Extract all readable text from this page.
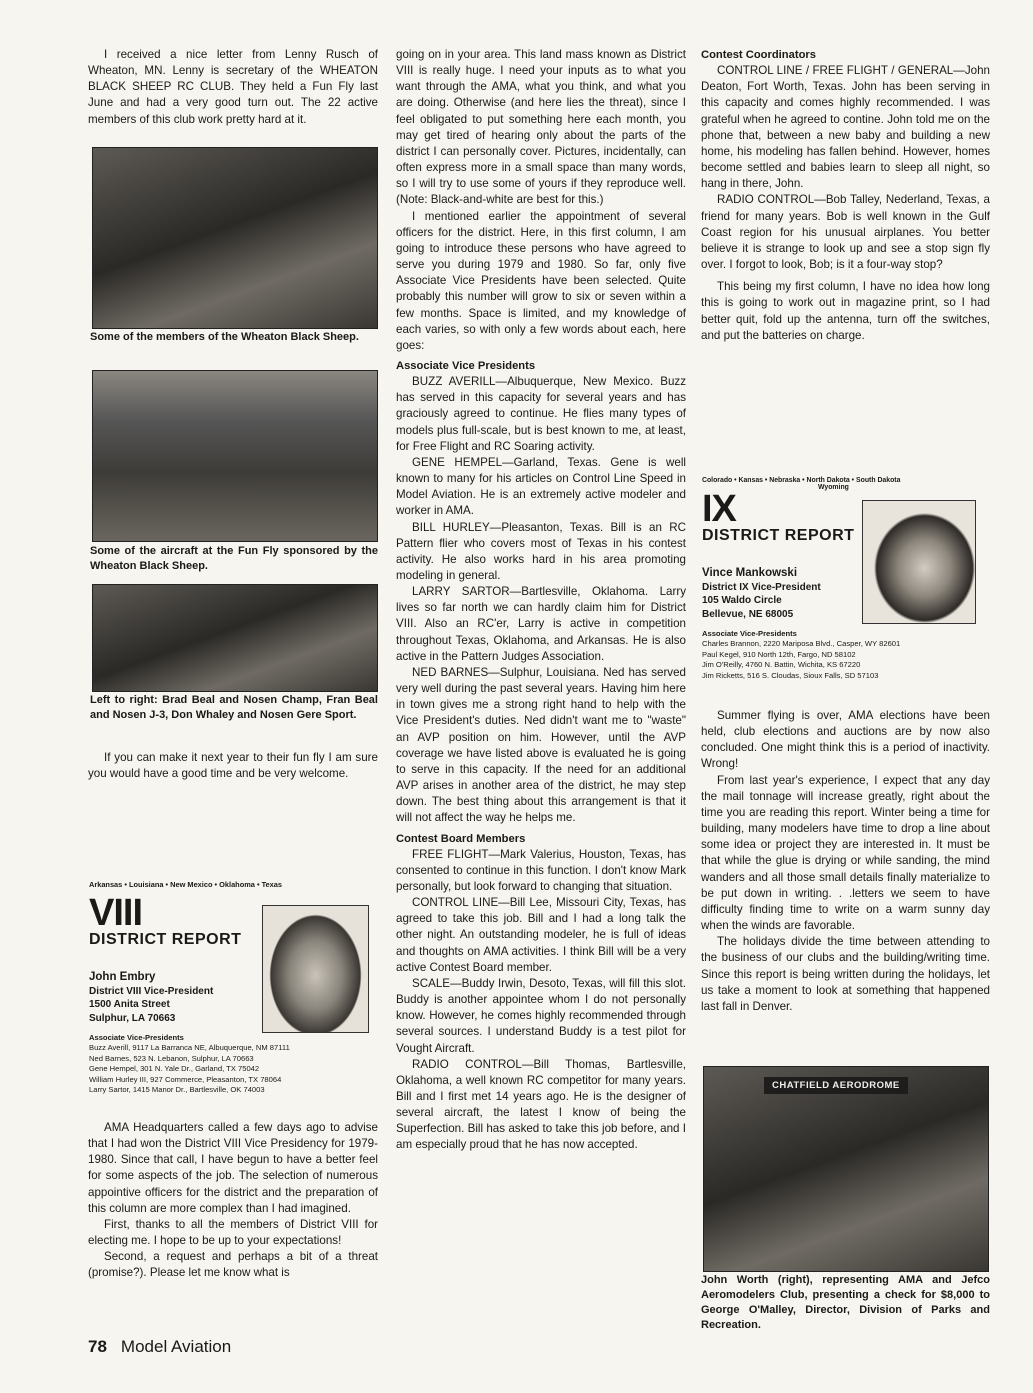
I received a nice letter from Lenny Rusch of Wheaton, MN. Lenny is secretary of the WHEATON BLACK SHEEP RC CLUB. They held a Fun Fly last June and had a very good turn out. The 22 active members of this club work pretty hard at it.

Some of the members of the Wheaton Black Sheep.
Some of the aircraft at the Fun Fly sponsored by the Wheaton Black Sheep.
Left to right: Brad Beal and Nosen Champ, Fran Beal and Nosen J-3, Don Whaley and Nosen Gere Sport.

If you can make it next year to their fun fly I am sure you would have a good time and be very welcome.

Arkansas • Louisiana • New Mexico • Oklahoma • Texas
VIII
DISTRICT REPORT
John Embry
District VIII Vice-President
1500 Anita Street
Sulphur, LA 70663
Associate Vice-Presidents
Buzz Averill, 9117 La Barranca NE, Albuquerque, NM 87111
Ned Barnes, 523 N. Lebanon, Sulphur, LA 70663
Gene Hempel, 301 N. Yale Dr., Garland, TX 75042
William Hurley III, 927 Commerce, Pleasanton, TX 78064
Larry Sartor, 1415 Manor Dr., Bartlesville, OK 74003

AMA Headquarters called a few days ago to advise that I had won the District VIII Vice Presidency for 1979-1980. Since that call, I have begun to have a better feel for some aspects of the job. The selection of numerous appointive officers for the district and the preparation of this column are more complex than I had imagined.

First, thanks to all the members of District VIII for electing me. I hope to be up to your expectations!

Second, a request and perhaps a bit of a threat (promise?). Please let me know what is

going on in your area. This land mass known as District VIII is really huge. I need your inputs as to what you want through the AMA, what you think, and what you are doing. Otherwise (and here lies the threat), since I feel obligated to put something here each month, you may get tired of hearing only about the parts of the district I can personally cover. Pictures, incidentally, can often express more in a small space than many words, so I will try to use some of yours if they reproduce well. (Note: Black-and-white are best for this.)

I mentioned earlier the appointment of several officers for the district. Here, in this first column, I am going to introduce these persons who have agreed to serve you during 1979 and 1980. So far, only five Associate Vice Presidents have been selected. Quite probably this number will grow to six or seven within a few months. Space is limited, and my knowledge of each varies, so with only a few words about each, here goes:

Associate Vice Presidents

BUZZ AVERILL—Albuquerque, New Mexico. Buzz has served in this capacity for several years and has graciously agreed to continue. He flies many types of models plus full-scale, but is best known to me, at least, for Free Flight and RC Soaring activity.

GENE HEMPEL—Garland, Texas. Gene is well known to many for his articles on Control Line Speed in Model Aviation. He is an extremely active modeler and worker in AMA.

BILL HURLEY—Pleasanton, Texas. Bill is an RC Pattern flier who covers most of Texas in his contest activity. He also works hard in his area promoting modeling in general.

LARRY SARTOR—Bartlesville, Oklahoma. Larry lives so far north we can hardly claim him for District VIII. Also an RC'er, Larry is active in competition throughout Texas, Oklahoma, and Arkansas. He is also active in the Pattern Judges Association.

NED BARNES—Sulphur, Louisiana. Ned has served very well during the past several years. Having him here in town gives me a strong right hand to help with the Vice President's duties. Ned didn't want me to "waste" an AVP position on him. However, until the AVP coverage we have listed above is evaluated he is going to serve in this capacity. If the need for an additional AVP arises in another area of the district, he may step down. The best thing about this arrangement is that it will not affect the way he helps me.

Contest Board Members

FREE FLIGHT—Mark Valerius, Houston, Texas, has consented to continue in this function. I don't know Mark personally, but look forward to changing that situation.

CONTROL LINE—Bill Lee, Missouri City, Texas, has agreed to take this job. Bill and I had a long talk the other night. An outstanding modeler, he is full of ideas and thoughts on AMA activities. I think Bill will be a very active Contest Board member.

SCALE—Buddy Irwin, Desoto, Texas, will fill this slot. Buddy is another appointee whom I do not personally know. However, he comes highly recommended through several sources. I understand Buddy is a test pilot for Vought Aircraft.

RADIO CONTROL—Bill Thomas, Bartlesville, Oklahoma, a well known RC competitor for many years. Bill and I first met 14 years ago. He is the designer of several aircraft, the latest I know of being the Superfection. Bill has asked to take this job before, and I am especially proud that he has now accepted.

Contest Coordinators

CONTROL LINE / FREE FLIGHT / GENERAL—John Deaton, Fort Worth, Texas. John has been serving in this capacity and comes highly recommended. I was grateful when he agreed to contine. John told me on the phone that, between a new baby and building a new home, his modeling has fallen behind. However, homes become settled and babies learn to sleep all night, so hang in there, John.

RADIO CONTROL—Bob Talley, Nederland, Texas, a friend for many years. Bob is well known in the Gulf Coast region for his unusual airplanes. You better believe it is strange to look up and see a stop sign fly over. I forgot to look, Bob; is it a four-way stop?

This being my first column, I have no idea how long this is going to work out in magazine print, so I had better quit, fold up the antenna, turn off the switches, and put the batteries on charge.

Colorado • Kansas • Nebraska • North Dakota • South Dakota
Wyoming
IX
DISTRICT REPORT
Vince Mankowski
District IX Vice-President
105 Waldo Circle
Bellevue, NE 68005
Associate Vice-Presidents
Charles Brannon, 2220 Mariposa Blvd., Casper, WY 82601
Paul Kegel, 910 North 12th, Fargo, ND 58102
Jim O'Reilly, 4760 N. Battin, Wichita, KS 67220
Jim Ricketts, 516 S. Cloudas, Sioux Falls, SD 57103

Summer flying is over, AMA elections have been held, club elections and auctions are by now also concluded. One might think this is a period of inactivity. Wrong!

From last year's experience, I expect that any day the mail tonnage will increase greatly, right about the time you are reading this report. Winter being a time for building, many modelers have time to drop a line about some idea or project they are interested in. It must be that while the glue is drying or while sanding, the mind wanders and all those small details finally materialize to be put down in writing. . .letters we seem to have difficulty finding time to write on a warm sunny day when the winds are favorable.

The holidays divide the time between attending to the business of our clubs and the building/writing time. Since this report is being written during the holidays, let us take a moment to look at something that happened last fall in Denver.

CHATFIELD AERODROME
John Worth (right), representing AMA and Jefco Aeromodelers Club, presenting a check for $8,000 to George O'Malley, Director, Division of Parks and Recreation.
78 Model Aviation
